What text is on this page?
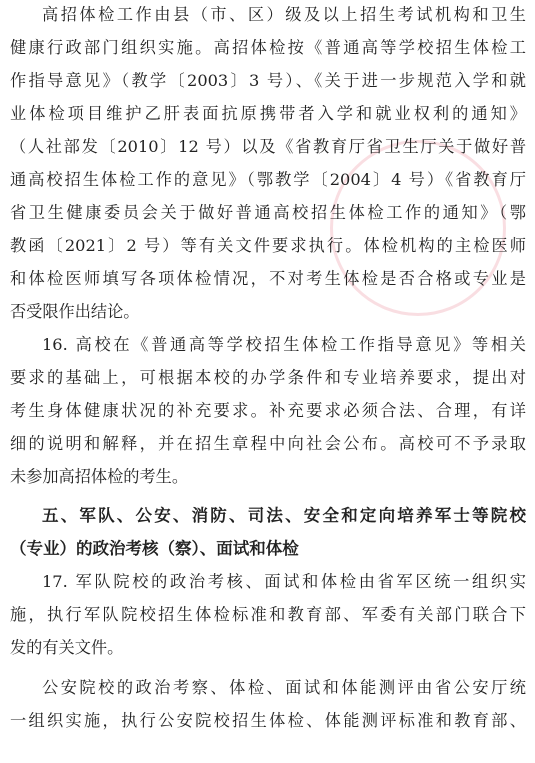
高招体检工作由县（市、区）级及以上招生考试机构和卫生
健康行政部门组织实施。高招体检按《普通高等学校招生体检工
作指导意见》（教学〔2003〕3 号）、《关于进一步规范入学和就
业体检项目维护乙肝表面抗原携带者入学和就业权利的通知》
（人社部发〔2010〕12 号）以及《省教育厅省卫生厅关于做好普
通高校招生体检工作的意见》（鄂教学〔2004〕4 号）《省教育厅
省卫生健康委员会关于做好普通高校招生体检工作的通知》（鄂
教函〔2021〕2 号）等有关文件要求执行。体检机构的主检医师
和体检医师填写各项体检情况，不对考生体检是否合格或专业是
否受限作出结论。
16. 高校在《普通高等学校招生体检工作指导意见》等相关
要求的基础上，可根据本校的办学条件和专业培养要求，提出对
考生身体健康状况的补充要求。补充要求必须合法、合理，有详
细的说明和解释，并在招生章程中向社会公布。高校可不予录取
未参加高招体检的考生。
五、军队、公安、消防、司法、安全和定向培养军士等院校
（专业）的政治考核（察）、面试和体检
17. 军队院校的政治考核、面试和体检由省军区统一组织实
施，执行军队院校招生体检标准和教育部、军委有关部门联合下
发的有关文件。
公安院校的政治考察、体检、面试和体能测评由省公安厅统
一组织实施，执行公安院校招生体检、体能测评标准和教育部、
